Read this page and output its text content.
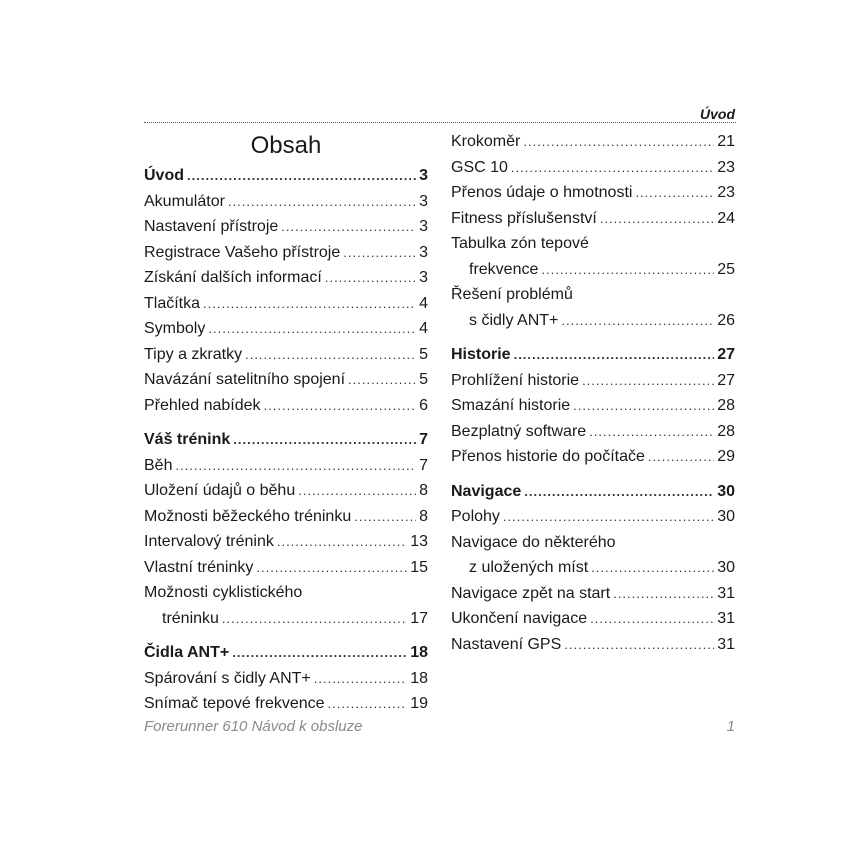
Úvod
Obsah
Úvod .....	3
Akumulátor .....	3
Nastavení přístroje .....	3
Registrace Vašeho přístroje .....	3
Získání dalších informací .....	3
Tlačítka .....	4
Symboly .....	4
Tipy a zkratky .....	5
Navázání satelitního spojení .....	5
Přehled nabídek .....	6
Váš trénink .....	7
Běh .....	7
Uložení údajů o běhu .....	8
Možnosti běžeckého tréninku .....	8
Intervalový trénink .....	13
Vlastní tréninky .....	15
Možnosti cyklistického
tréninku .....	17
Čidla ANT+ .....	18
Spárování s čidly ANT+ .....	18
Snímač tepové frekvence .....	19
Krokoměr .....	21
GSC 10 .....	23
Přenos údaje o hmotnosti .....	23
Fitness příslušenství .....	24
Tabulka zón tepové
frekvence .....	25
Řešení problémů
s čidly ANT+ .....	26
Historie .....	27
Prohlížení historie .....	27
Smazání historie .....	28
Bezplatný software .....	28
Přenos historie do počítače .....	29
Navigace .....	30
Polohy .....	30
Navigace do některého
z uložených míst .....	30
Navigace zpět na start .....	31
Ukončení navigace .....	31
Nastavení GPS .....	31
Forerunner 610 Návod k obsluze	1
